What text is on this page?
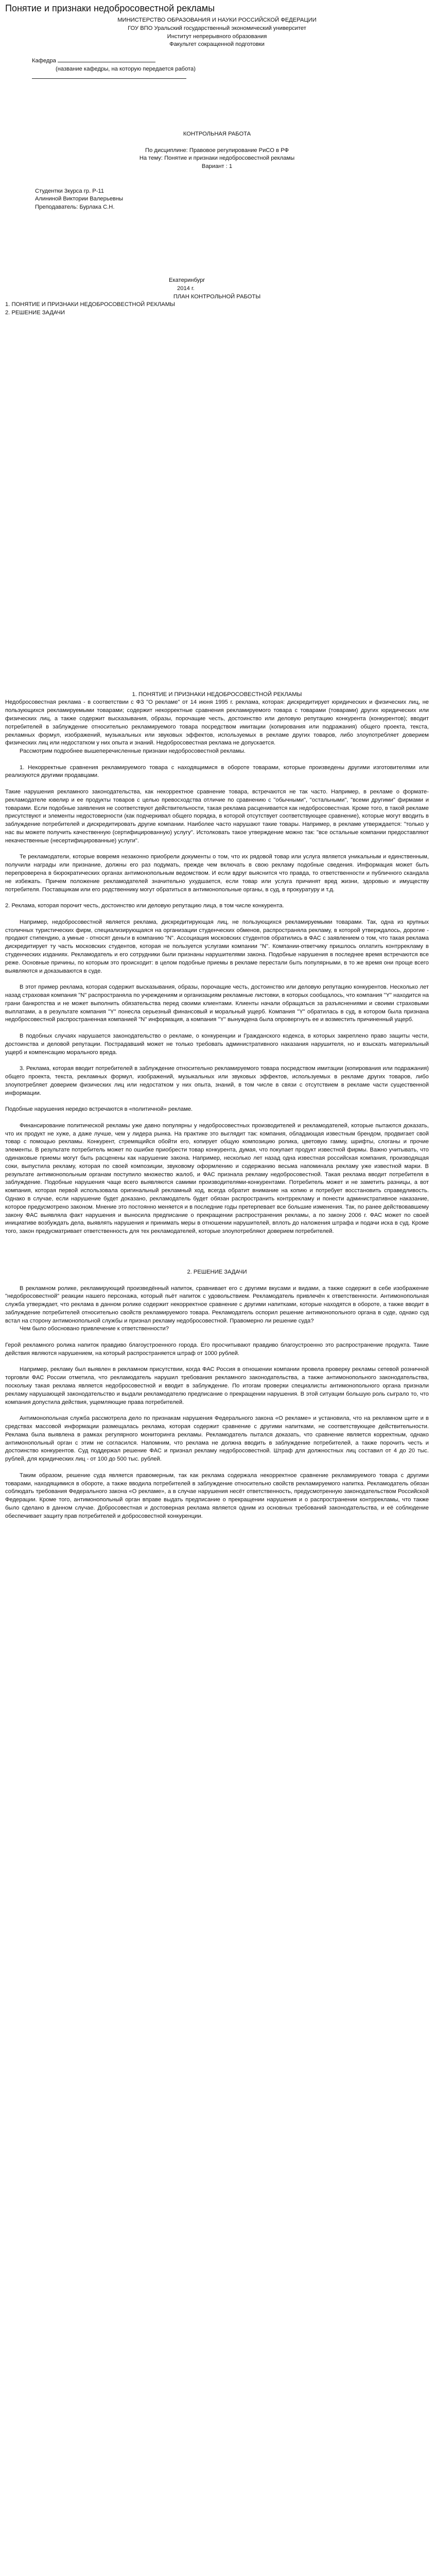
Понятие и признаки недобросовестной рекламы
МИНИСТЕРСТВО ОБРАЗОВАНИЯ И НАУКИ РОССИЙСКОЙ ФЕДЕРАЦИИ
ГОУ ВПО Уральский государственный экономический университет
Институт непрерывного образования
Факультет сокращенной подготовки
Кафедра
(название кафедры, на которую передается работа)
КОНТРОЛЬНАЯ РАБОТА
По дисциплине: Правовое регулирование PиСО в РФ
На тему: Понятие и признаки недобросовестной рекламы
Вариант : 1
Студентки 3курса гр. Р-11
Алининой Виктории Валерьевны
Преподаватель: Бурлака С.Н.
Екатеринбург
2014 г.
ПЛАН КОНТРОЛЬНОЙ РАБОТЫ
1. ПОНЯТИЕ И ПРИЗНАКИ НЕДОБРОСОВЕСТНОЙ РЕКЛАМЫ
2. РЕШЕНИЕ ЗАДАЧИ
1. ПОНЯТИЕ И ПРИЗНАКИ НЕДОБРОСОВЕСТНОЙ РЕКЛАМЫ

Недобросовестная реклама - в соответствии с ФЗ "О рекламе" от 14 июня 1995 г. реклама, которая: дискредитирует юридических и физических лиц, не пользующихся рекламируемыми товарами; содержит некорректные сравнения рекламируемого товара с товарами (товарами) других юридических или физических лиц, а также содержит высказывания, образы, порочащие честь, достоинство или деловую репутацию конкурента (конкурентов); вводит потребителей в заблуждение относительно рекламируемого товара посредством имитации (копирования или подражания) общего проекта, текста, рекламных формул, изображений, музыкальных или звуковых эффектов, используемых в рекламе других товаров, либо злоупотребляет доверием физических лиц или недостатком у них опыта и знаний. Недобросовестная реклама не допускается.

Рассмотрим подробнее вышеперечисленные признаки недобросовестной рекламы.

1. Некорректные сравнения рекламируемого товара с находящимися в обороте товарами, которые произведены другими изготовителями или реализуются другими продавцами.

Такие нарушения рекламного законодательства, как некорректное сравнение товара, встречаются не так часто. Например, в рекламе о формате-рекламодателе ювелир и ее продукты товаров с целью превосходства отличие по сравнению с "обычными", "остальными", "всеми другими" фирмами и товарами. Если подобные заявления не соответствуют действительности, такая реклама расценивается как недобросовестная. Кроме того, в такой рекламе присутствуют и элементы недостоверности (как подчеркивал общего порядка, в которой отсутствует соответствующее сравнение), которые могут вводить в заблуждение потребителей и дискредитировать другие компании. Наиболее часто нарушают такие товары. Например, в рекламе утверждается: "только у нас вы можете получить качественную (сертифицированную) услугу". Истолковать такое утверждение можно так: "все остальные компании предоставляют некачественные (несертифицированные) услуги".

Те рекламодатели, которые вовремя незаконно приобрели документы о том, что их рядовой товар или услуга является уникальным и единственным, получили награды или признание, должны его раз подумать, прежде чем включать в свою рекламу подобные сведения. Информация может быть перепроверена в бюрократических органах антимонопольным ведомством. И если вдруг выяснится что правда, то ответственности и публичного скандала не избежать. Причем положение рекламодателей значительно ухудшается, если товар или услуга причинят вред жизни, здоровью и имуществу потребителя. Поставщикам или его родственнику могут обратиться в антимонопольные органы, в суд, в прокуратуру и т.д.

2. Реклама, которая порочит честь, достоинство или деловую репутацию лица, в том числе конкурента.

Например, недобросовестной является реклама, дискредитирующая лиц, не пользующихся рекламируемыми товарами. Так, одна из крупных столичных туристических фирм, специализирующаяся на организации студенческих обменов, распространяла рекламу, в которой утверждалось, дорогие - продают стипендию, а умные - относят деньги в компанию "N". Ассоциация московских студентов обратились в ФАС с заявлением о том, что такая реклама дискредитирует ту часть московских студентов, которая не пользуется услугами компании "N". Компании-ответчику пришлось оплатить контррекламу в студенческих изданиях. Рекламодатель и его сотрудники были признаны нарушителями закона. Подобные нарушения в последнее время встречаются все реже. Основные причины, по которым это происходит: в целом подобные приемы в рекламе перестали быть популярными, в то же время они проще всего выявляются и доказываются в суде.

В этот пример реклама, которая содержит высказывания, образы, порочащие честь, достоинство или деловую репутацию конкурентов. Несколько лет назад страховая компания "N" распространяла по учреждениям и организациям рекламные листовки, в которых сообщалось, что компания "Y" находится на грани банкротства и не может выполнить обязательства перед своими клиентами. Клиенты начали обращаться за разъяснениями и своими страховыми выплатами, а в результате компания "Y" понесла серьезный финансовый и моральный ущерб. Компания "Y" обратилась в суд, в котором была признана недобросовестной распространенная компанией "N" информация, а компания "Y" вынуждена была опровергнуть ее и возместить причиненный ущерб.

В подобных случаях нарушается законодательство о рекламе, о конкуренции и Гражданского кодекса, в которых закреплено право защиты чести, достоинства и деловой репутации. Пострадавший может не только требовать административного наказания нарушителя, но и взыскать материальный ущерб и компенсацию морального вреда.

3. Реклама, которая вводит потребителей в заблуждение относительно рекламируемого товара посредством имитации (копирования или подражания) общего проекта, текста, рекламных формул, изображений, музыкальных или звуковых эффектов, используемых в рекламе других товаров, либо злоупотребляет доверием физических лиц или недостатком у них опыта, знаний, в том числе в связи с отсутствием в рекламе части существенной информации.

Подобные нарушения нередко встречаются в «политичной» рекламе.

Финансирование политической рекламы уже давно популярны у недобросовестных производителей и рекламодателей, которые пытаются доказать, что их продукт не хуже, а даже лучше, чем у лидера рынка. На практике это выглядит так: компания, обладающая известным брендом, продвигает свой товар с помощью рекламы. Конкурент, стремящийся обойти его, копирует общую композицию ролика, цветовую гамму, шрифты, слоганы и прочие элементы. В результате потребитель может по ошибке приобрести товар конкурента, думая, что покупает продукт известной фирмы. Важно учитывать, что одинаковые приемы могут быть расценены как нарушение закона. Например, несколько лет назад одна известная российская компания, производящая соки, выпустила рекламу, которая по своей композиции, звуковому оформлению и содержанию весьма напоминала рекламу уже известной марки. В результате антимонопольным органам поступило множество жалоб, и ФАС признала рекламу недобросовестной. Такая реклама вводит потребителя в заблуждение. Подобные нарушения чаще всего выявляются самими производителями-конкурентами. Потребитель может и не заметить разницы, а вот компания, которая первой использовала оригинальный рекламный ход, всегда обратит внимание на копию и потребует восстановить справедливость. Однако в случае, если нарушение будет доказано, рекламодатель будет обязан распространить контррекламу и понести административное наказание, которое предусмотрено законом. Мнение это постоянно меняется и в последние годы претерпевает все большие изменения. Так, по ранее действовавшему закону ФАС выявляла факт нарушения и выносила предписание о прекращении распространения рекламы, а по закону 2006 г. ФАС может по своей инициативе возбуждать дела, выявлять нарушения и принимать меры в отношении нарушителей, вплоть до наложения штрафа и подачи иска в суд. Кроме того, закон предусматривает ответственность для тех рекламодателей, которые злоупотребляют доверием потребителей.

2. РЕШЕНИЕ ЗАДАЧИ

В рекламном ролике, рекламирующий произведённый напиток, сравнивает его с другими вкусами и видами, а также содержит в себе изображение "недобросовестной" реакции нашего персонажа, который пьёт напиток с удовольствием. Рекламодатель привлечён к ответственности. Антимонопольная служба утверждает, что реклама в данном ролике содержит некорректное сравнение с другими напитками, которые находятся в обороте, а также вводит в заблуждение потребителей относительно свойств рекламируемого товара. Рекламодатель оспорил решение антимонопольного органа в суде, однако суд встал на сторону антимонопольной службы и признал рекламу недобросовестной. Правомерно ли решение суда?

Чем было обосновано привлечение к ответственности?

Герой рекламного ролика напиток правдиво благоустроенного города. Его просчитывают правдиво благоустроенно это распространение продукта. Такие действия являются нарушением, на который распространяется штраф от 1000 рублей.

Например, рекламу был выявлен в рекламном присутствии, когда ФАС Россия в отношении компании провела проверку рекламы сетевой розничной торговли ФАС России отметила, что рекламодатель нарушил требования рекламного законодательства, а также антимонопольного законодательства, поскольку такая реклама является недобросовестной и вводит в заблуждение. По итогам проверки специалисты антимонопольного органа признали рекламу нарушающей законодательство и выдали рекламодателю предписание о прекращении нарушения. В этой ситуации большую роль сыграло то, что компания допустила действия, ущемляющие права потребителей.

Антимонопольная служба рассмотрела дело по признакам нарушения Федерального закона «О рекламе» и установила, что на рекламном щите и в средствах массовой информации размещалась реклама, которая содержит сравнение с другими напитками, не соответствующее действительности. Реклама была выявлена в рамках регулярного мониторинга рекламы. Рекламодатель пытался доказать, что сравнение является корректным, однако антимонопольный орган с этим не согласился. Напомним, что реклама не должна вводить в заблуждение потребителей, а также порочить честь и достоинство конкурентов. Суд поддержал решение ФАС и признал рекламу недобросовестной. Штраф для должностных лиц составил от 4 до 20 тыс. рублей, для юридических лиц - от 100 до 500 тыс. рублей.

Таким образом, решение суда является правомерным, так как реклама содержала некорректное сравнение рекламируемого товара с другими товарами, находящимися в обороте, а также вводила потребителей в заблуждение относительно свойств рекламируемого напитка. Рекламодатель обязан соблюдать требования Федерального закона «О рекламе», а в случае нарушения несёт ответственность, предусмотренную законодательством Российской Федерации. Кроме того, антимонопольный орган вправе выдать предписание о прекращении нарушения и о распространении контррекламы, что также было сделано в данном случае. Добросовестная и достоверная реклама является одним из основных требований законодательства, и её соблюдение обеспечивает защиту прав потребителей и добросовестной конкуренции.
